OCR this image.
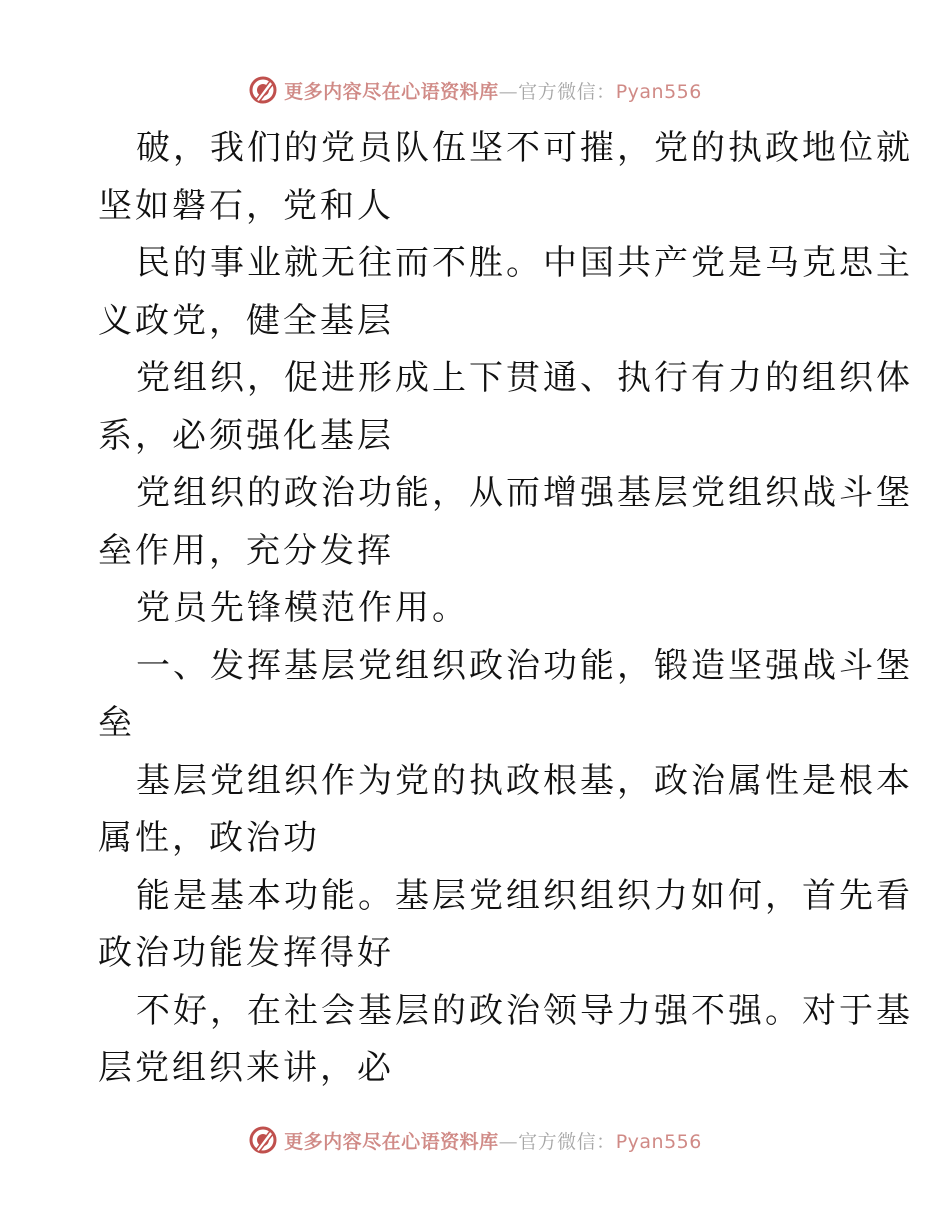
更多内容尽在心语资料库—官方微信：Pyan556
破，我们的党员队伍坚不可摧，党的执政地位就
坚如磐石，党和人
民的事业就无往而不胜。中国共产党是马克思主
义政党，健全基层
党组织，促进形成上下贯通、执行有力的组织体
系，必须强化基层
党组织的政治功能，从而增强基层党组织战斗堡
垒作用，充分发挥
党员先锋模范作用。
一、发挥基层党组织政治功能，锻造坚强战斗堡
垒
基层党组织作为党的执政根基，政治属性是根本
属性，政治功
能是基本功能。基层党组织组织力如何，首先看
政治功能发挥得好
不好，在社会基层的政治领导力强不强。对于基
层党组织来讲，必
更多内容尽在心语资料库—官方微信：Pyan556
